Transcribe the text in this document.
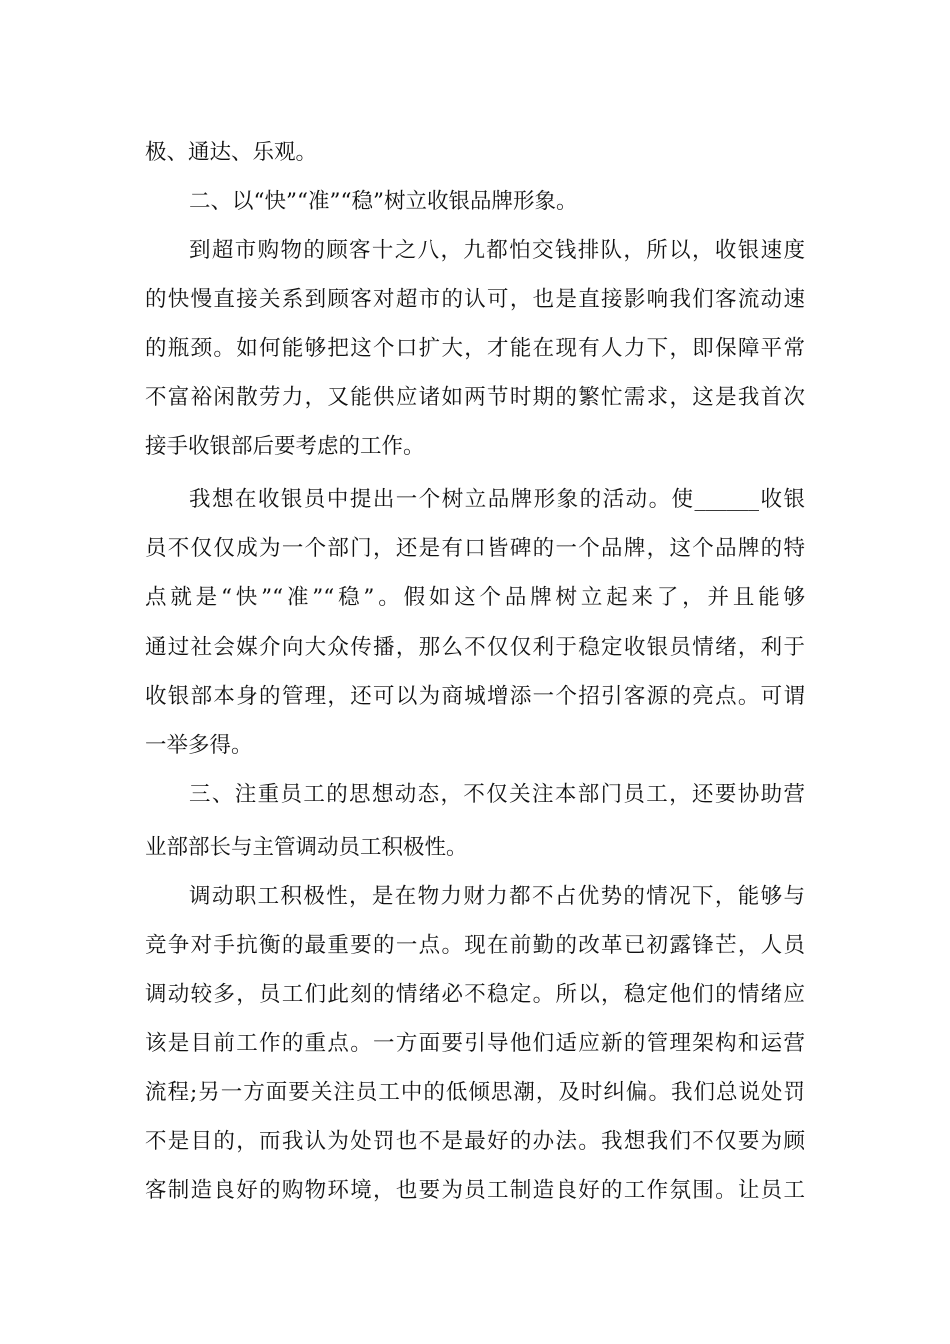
极、通达、乐观。
二、以“快”“准”“稳”树立收银品牌形象。
到超市购物的顾客十之八，九都怕交钱排队，所以，收银速度
的快慢直接关系到顾客对超市的认可，也是直接影响我们客流动速
的瓶颈。如何能够把这个口扩大，才能在现有人力下，即保障平常
不富裕闲散劳力，又能供应诸如两节时期的繁忙需求，这是我首次
接手收银部后要考虑的工作。
我想在收银员中提出一个树立品牌形象的活动。使______收银
员不仅仅成为一个部门，还是有口皆碑的一个品牌，这个品牌的特
点就是“快”“准”“稳”。假如这个品牌树立起来了，并且能够
通过社会媒介向大众传播，那么不仅仅利于稳定收银员情绪，利于
收银部本身的管理，还可以为商城增添一个招引客源的亮点。可谓
一举多得。
三、注重员工的思想动态，不仅关注本部门员工，还要协助营
业部部长与主管调动员工积极性。
调动职工积极性，是在物力财力都不占优势的情况下，能够与
竞争对手抗衡的最重要的一点。现在前勤的改革已初露锋芒，人员
调动较多，员工们此刻的情绪必不稳定。所以，稳定他们的情绪应
该是目前工作的重点。一方面要引导他们适应新的管理架构和运营
流程;另一方面要关注员工中的低倾思潮，及时纠偏。我们总说处罚
不是目的，而我认为处罚也不是最好的办法。我想我们不仅要为顾
客制造良好的购物环境，也要为员工制造良好的工作氛围。让员工
